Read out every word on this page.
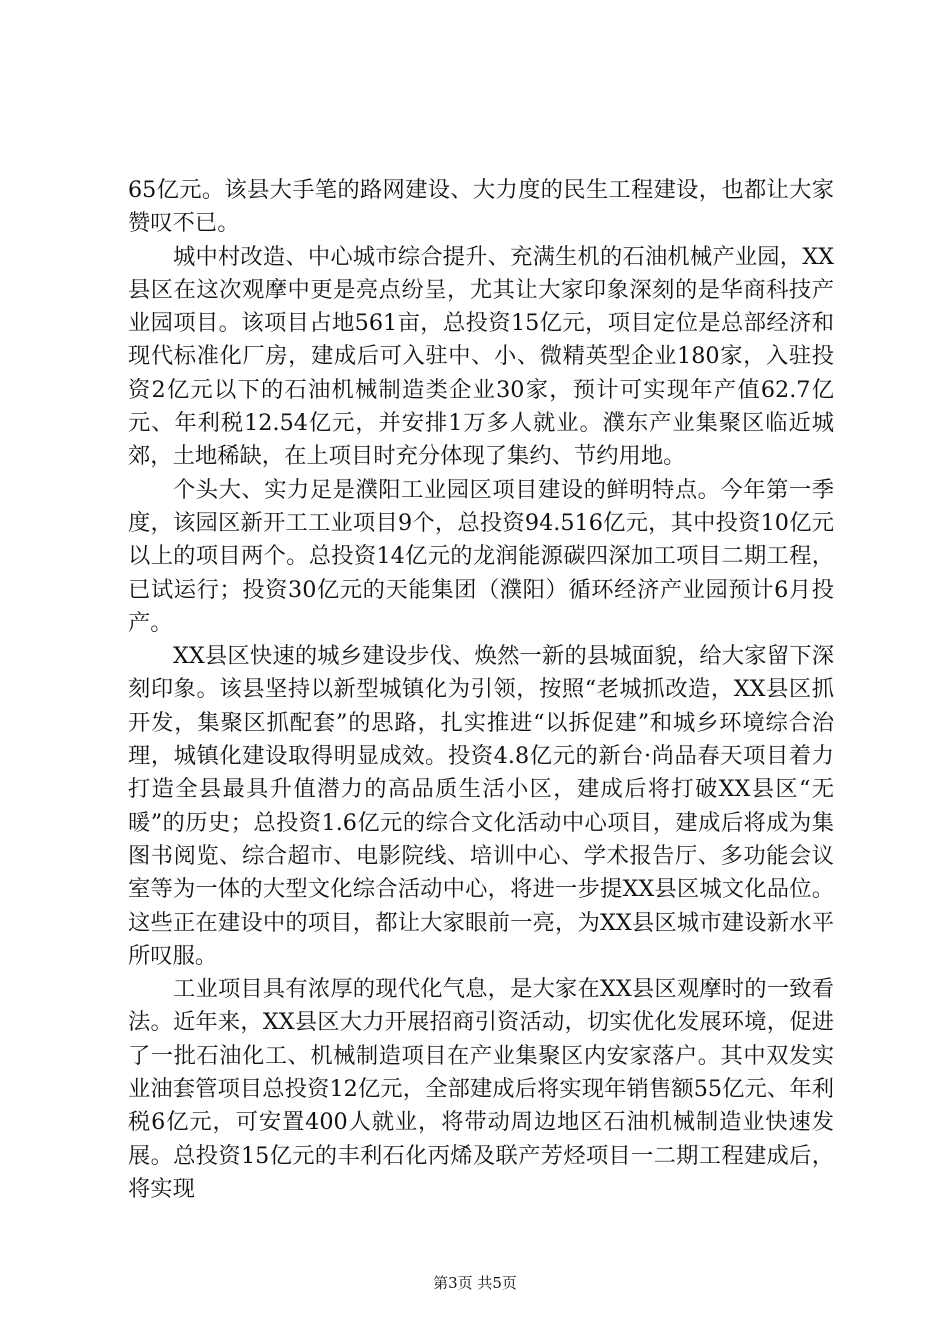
65亿元。该县大手笔的路网建设、大力度的民生工程建设，也都让大家赞叹不已。

城中村改造、中心城市综合提升、充满生机的石油机械产业园，XX县区在这次观摩中更是亮点纷呈，尤其让大家印象深刻的是华商科技产业园项目。该项目占地561亩，总投资15亿元，项目定位是总部经济和现代标准化厂房，建成后可入驻中、小、微精英型企业180家，入驻投资2亿元以下的石油机械制造类企业30家，预计可实现年产值62.7亿元、年利税12.54亿元，并安排1万多人就业。濮东产业集聚区临近城郊，土地稀缺，在上项目时充分体现了集约、节约用地。

个头大、实力足是濮阳工业园区项目建设的鲜明特点。今年第一季度，该园区新开工工业项目9个，总投资94.516亿元，其中投资10亿元以上的项目两个。总投资14亿元的龙润能源碳四深加工项目二期工程，已试运行；投资30亿元的天能集团（濮阳）循环经济产业园预计6月投产。

XX县区快速的城乡建设步伐、焕然一新的县城面貌，给大家留下深刻印象。该县坚持以新型城镇化为引领，按照“老城抓改造，XX县区抓开发，集聚区抓配套”的思路，扎实推进“以拆促建”和城乡环境综合治理，城镇化建设取得明显成效。投资4.8亿元的新台·尚品春天项目着力打造全县最具升值潜力的高品质生活小区，建成后将打破XX县区“无暖”的历史；总投资1.6亿元的综合文化活动中心项目，建成后将成为集图书阅览、综合超市、电影院线、培训中心、学术报告厅、多功能会议室等为一体的大型文化综合活动中心，将进一步提XX县区城文化品位。这些正在建设中的项目，都让大家眼前一亮，为XX县区城市建设新水平所叹服。

工业项目具有浓厚的现代化气息，是大家在XX县区观摩时的一致看法。近年来，XX县区大力开展招商引资活动，切实优化发展环境，促进了一批石油化工、机械制造项目在产业集聚区内安家落户。其中双发实业油套管项目总投资12亿元，全部建成后将实现年销售额55亿元、年利税6亿元，可安置400人就业，将带动周边地区石油机械制造业快速发展。总投资15亿元的丰利石化丙烯及联产芳烃项目一二期工程建成后，将实现

第3页 共5页
